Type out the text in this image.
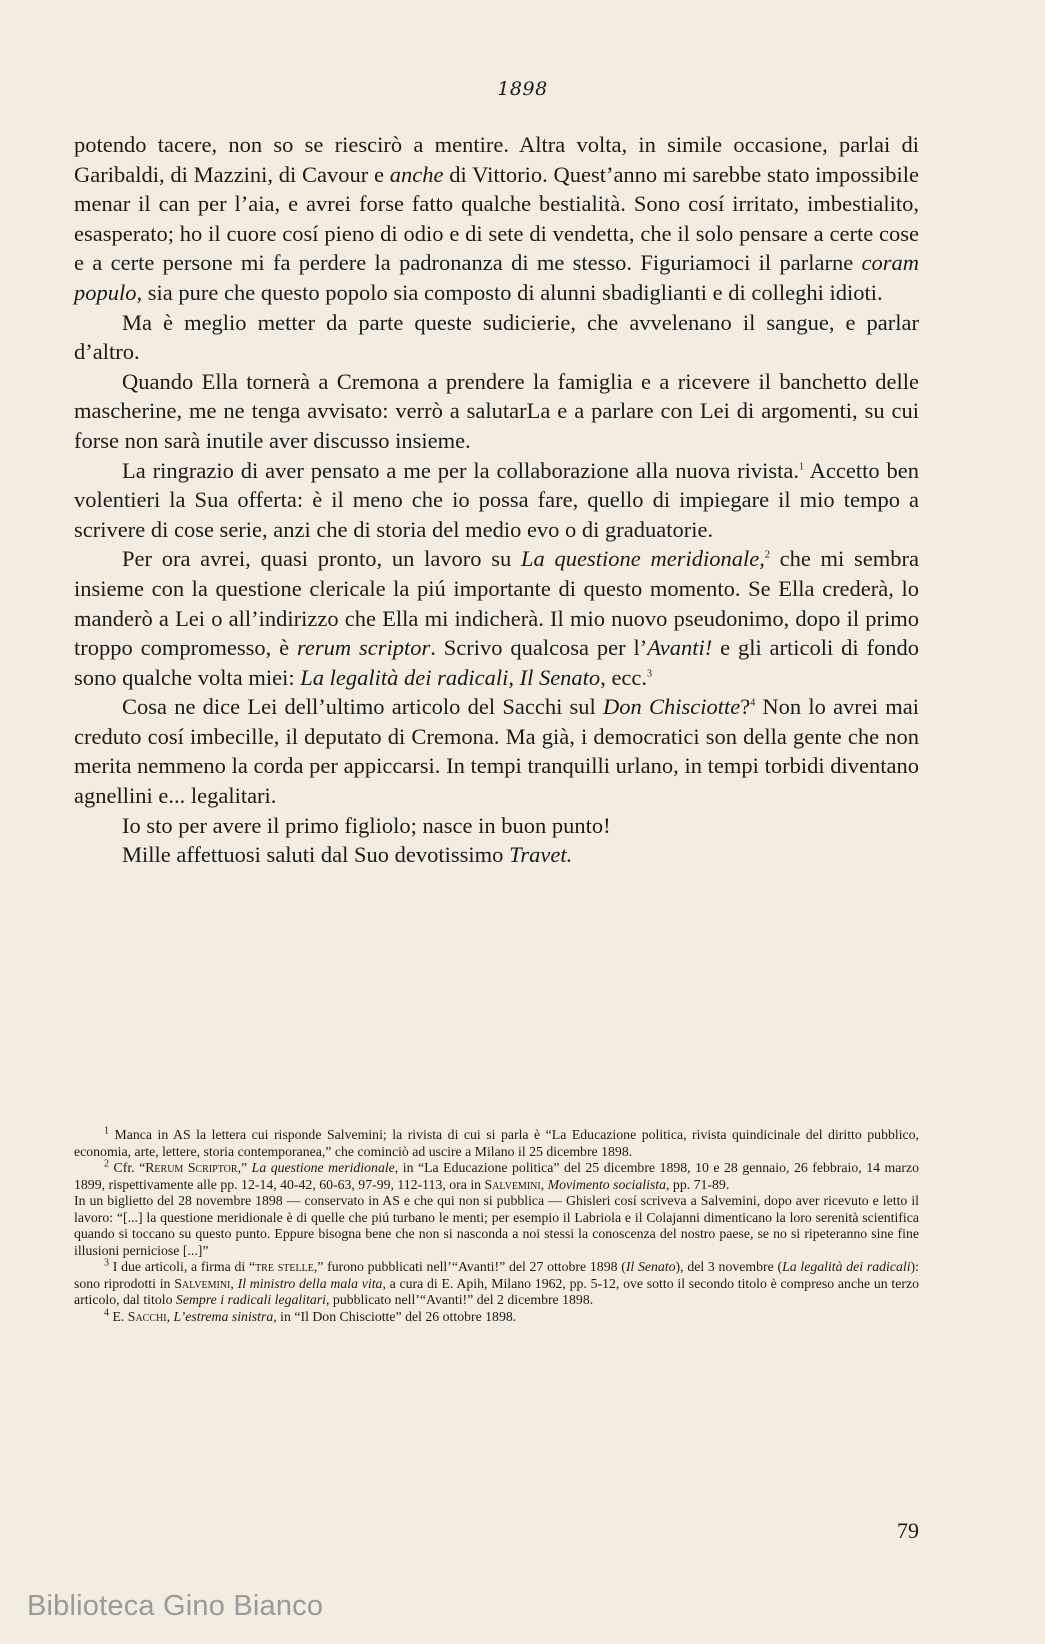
1898

potendo tacere, non so se riescirò a mentire. Altra volta, in simile occasione, parlai di Garibaldi, di Mazzini, di Cavour e anche di Vittorio. Quest’anno mi sarebbe stato impossibile menar il can per l’aia, e avrei forse fatto qualche bestialità. Sono cosí irritato, imbestialito, esasperato; ho il cuore cosí pieno di odio e di sete di vendetta, che il solo pensare a certe cose e a certe persone mi fa perdere la padronanza di me stesso. Figuriamoci il parlarne coram populo, sia pure che questo popolo sia composto di alunni sbadiglianti e di colleghi idioti.

Ma è meglio metter da parte queste sudicierie, che avvelenano il sangue, e parlar d’altro.

Quando Ella tornerà a Cremona a prendere la famiglia e a ricevere il banchetto delle mascherine, me ne tenga avvisato: verrò a salutarLa e a parlare con Lei di argomenti, su cui forse non sarà inutile aver discusso insieme.

La ringrazio di aver pensato a me per la collaborazione alla nuova rivista.$^1$ Accetto ben volentieri la Sua offerta: è il meno che io possa fare, quello di impiegare il mio tempo a scrivere di cose serie, anzi che di storia del medio evo o di graduatorie.

Per ora avrei, quasi pronto, un lavoro su La questione meridionale,$^2$ che mi sembra insieme con la questione clericale la piú importante di questo momento. Se Ella crederà, lo manderò a Lei o all’indirizzo che Ella mi indicherà. Il mio nuovo pseudonimo, dopo il primo troppo compromesso, è rerum scriptor. Scrivo qualcosa per l’Avanti! e gli articoli di fondo sono qualche volta miei: La legalità dei radicali, Il Senato, ecc.$^3$

Cosa ne dice Lei dell’ultimo articolo del Sacchi sul Don Chisciotte?$^4$ Non lo avrei mai creduto cosí imbecille, il deputato di Cremona. Ma già, i democratici son della gente che non merita nemmeno la corda per appiccarsi. In tempi tranquilli urlano, in tempi torbidi diventano agnellini e... legalitari.

Io sto per avere il primo figliolo; nasce in buon punto!

Mille affettuosi saluti dal Suo devotissimo Travet.

$^1$ Manca in AS la lettera cui risponde Salvemini; la rivista di cui si parla è “La Educazione politica, rivista quindicinale del diritto pubblico, economia, arte, lettere, storia contemporanea,” che cominciò ad uscire a Milano il 25 dicembre 1898.

$^2$ Cfr. “Rerum Scriptor,” La questione meridionale, in “La Educazione politica” del 25 dicembre 1898, 10 e 28 gennaio, 26 febbraio, 14 marzo 1899, rispettivamente alle pp. 12-14, 40-42, 60-63, 97-99, 112-113, ora in Salvemini, Movimento socialista, pp. 71-89.

In un biglietto del 28 novembre 1898 — conservato in AS e che qui non si pubblica — Ghisleri cosí scriveva a Salvemini, dopo aver ricevuto e letto il lavoro: “[...] la questione meridionale è di quelle che piú turbano le menti; per esempio il Labriola e il Colajanni dimenticano la loro serenità scientifica quando si toccano su questo punto. Eppure bisogna bene che non si nasconda a noi stessi la conoscenza del nostro paese, se no si ripeteranno sine fine illusioni perniciose [...]”

$^3$ I due articoli, a firma di “tre stelle,” furono pubblicati nell’“Avanti!” del 27 ottobre 1898 (Il Senato), del 3 novembre (La legalità dei radicali): sono riprodotti in Salvemini, Il ministro della mala vita, a cura di E. Apih, Milano 1962, pp. 5-12, ove sotto il secondo titolo è compreso anche un terzo articolo, dal titolo Sempre i radicali legalitari, pubblicato nell’“Avanti!” del 2 dicembre 1898.

$^4$ E. Sacchi, L’estrema sinistra, in “Il Don Chisciotte” del 26 ottobre 1898.

79
Biblioteca Gino Bianco
